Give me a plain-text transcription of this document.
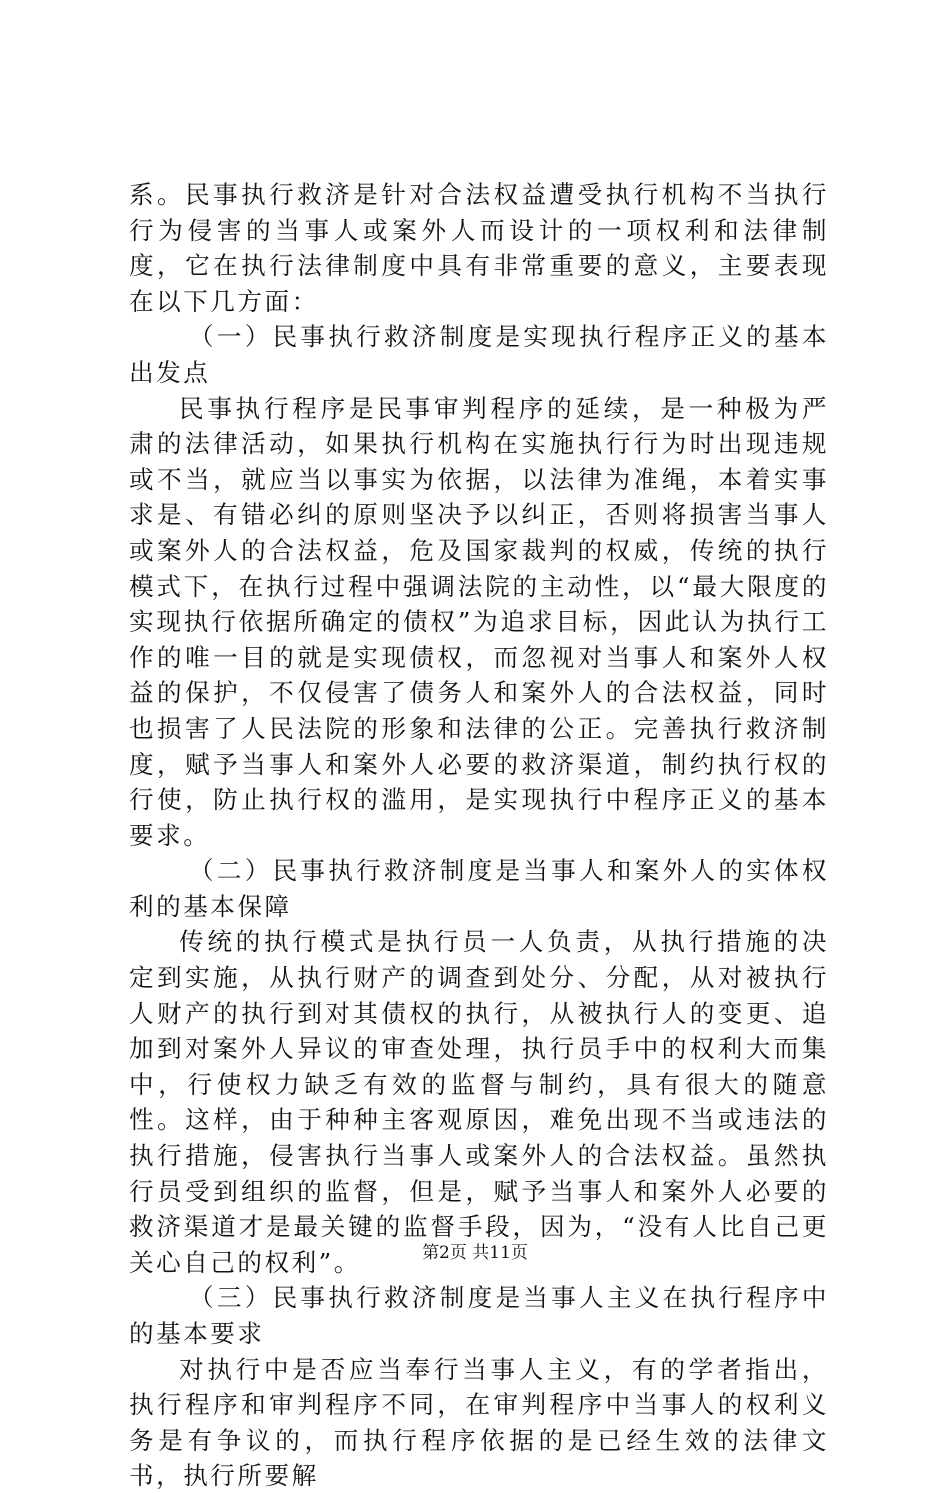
系。民事执行救济是针对合法权益遭受执行机构不当执行行为侵害的当事人或案外人而设计的一项权利和法律制度，它在执行法律制度中具有非常重要的意义，主要表现在以下几方面：

（一）民事执行救济制度是实现执行程序正义的基本出发点

民事执行程序是民事审判程序的延续，是一种极为严肃的法律活动，如果执行机构在实施执行行为时出现违规或不当，就应当以事实为依据，以法律为准绳，本着实事求是、有错必纠的原则坚决予以纠正，否则将损害当事人或案外人的合法权益，危及国家裁判的权威，传统的执行模式下，在执行过程中强调法院的主动性，以“最大限度的实现执行依据所确定的债权”为追求目标，因此认为执行工作的唯一目的就是实现债权，而忽视对当事人和案外人权益的保护，不仅侵害了债务人和案外人的合法权益，同时也损害了人民法院的形象和法律的公正。完善执行救济制度，赋予当事人和案外人必要的救济渠道，制约执行权的行使，防止执行权的滥用，是实现执行中程序正义的基本要求。

（二）民事执行救济制度是当事人和案外人的实体权利的基本保障

传统的执行模式是执行员一人负责，从执行措施的决定到实施，从执行财产的调查到处分、分配，从对被执行人财产的执行到对其债权的执行，从被执行人的变更、追加到对案外人异议的审查处理，执行员手中的权利大而集中，行使权力缺乏有效的监督与制约，具有很大的随意性。这样，由于种种主客观原因，难免出现不当或违法的执行措施，侵害执行当事人或案外人的合法权益。虽然执行员受到组织的监督，但是，赋予当事人和案外人必要的救济渠道才是最关键的监督手段，因为，“没有人比自己更关心自己的权利”。

（三）民事执行救济制度是当事人主义在执行程序中的基本要求

对执行中是否应当奉行当事人主义，有的学者指出，执行程序和审判程序不同，在审判程序中当事人的权利义务是有争议的，而执行程序依据的是已经生效的法律文书，执行所要解

第2页 共11页
